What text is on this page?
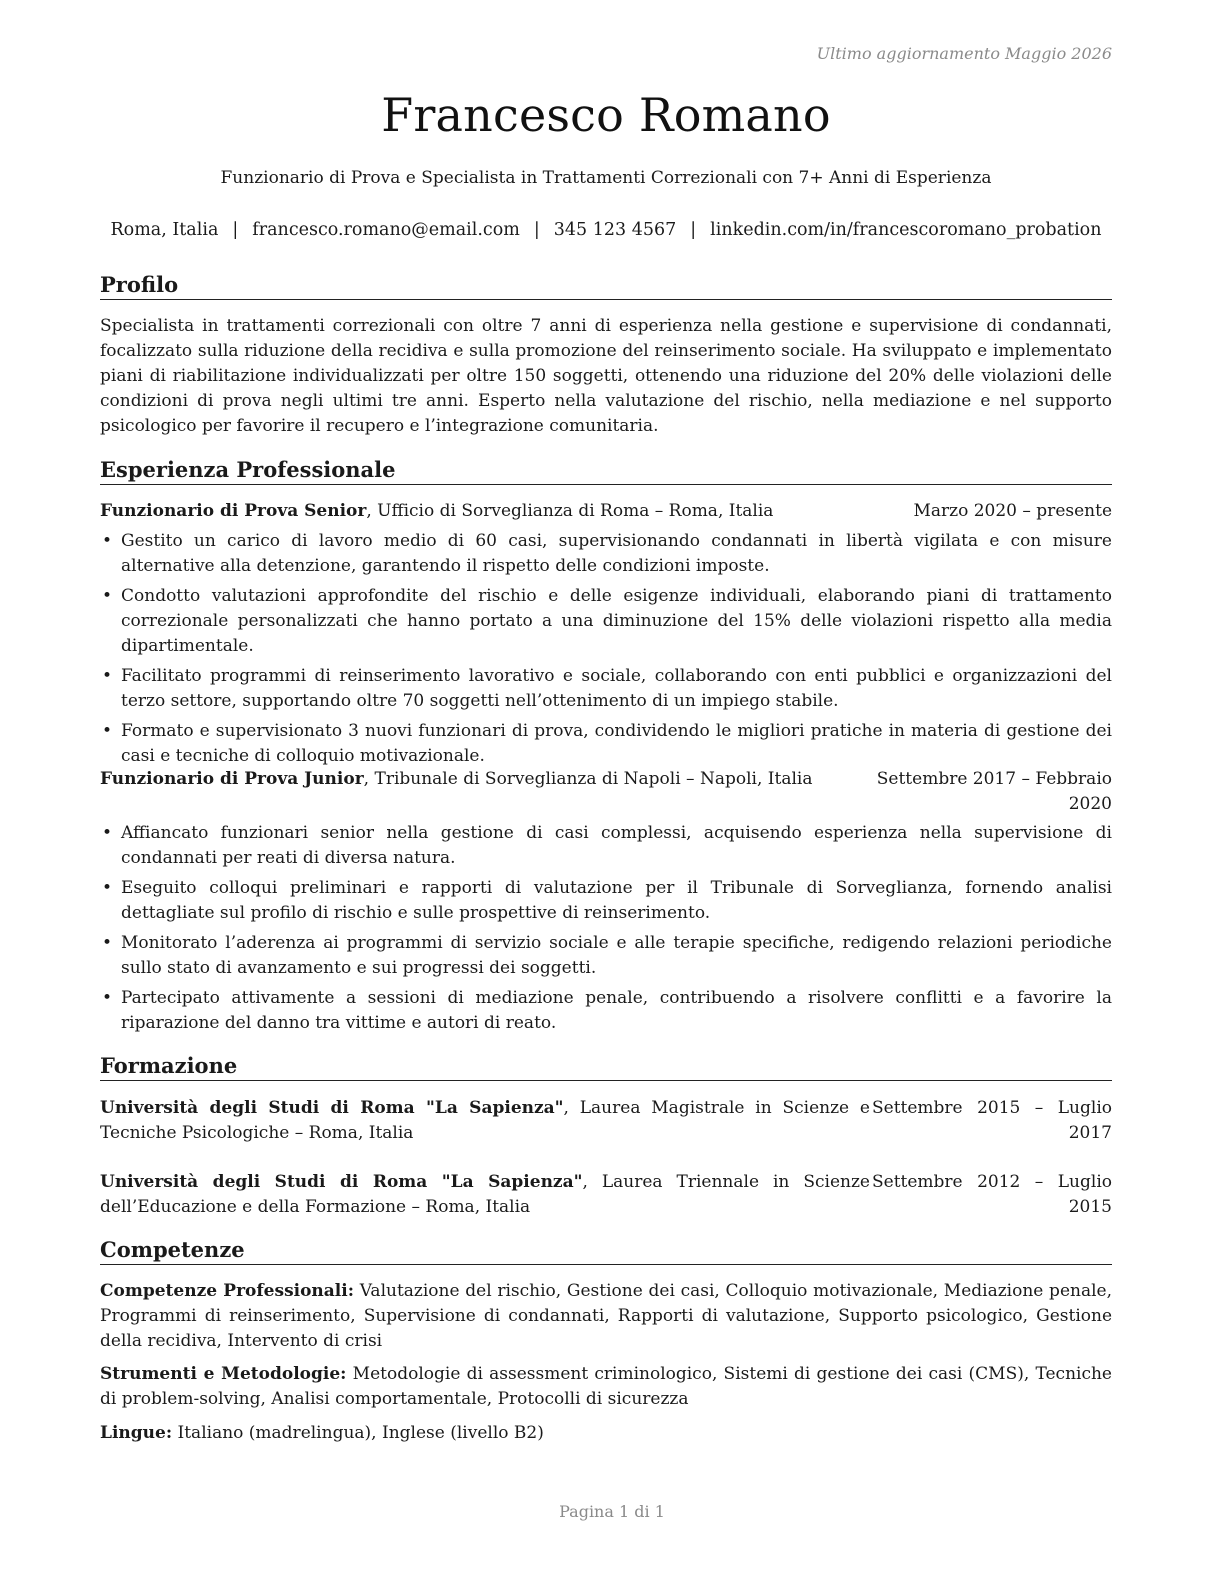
Ultimo aggiornamento Maggio 2026
Francesco Romano
Funzionario di Prova e Specialista in Trattamenti Correzionali con 7+ Anni di Esperienza
Roma, Italia | francesco.romano@email.com | 345 123 4567 | linkedin.com/in/francescoromano_probation
Profilo
Specialista in trattamenti correzionali con oltre 7 anni di esperienza nella gestione e supervisione di condannati, focalizzato sulla riduzione della recidiva e sulla promozione del reinserimento sociale. Ha sviluppato e implementato piani di riabilitazione individualizzati per oltre 150 soggetti, ottenendo una riduzione del 20% delle violazioni delle condizioni di prova negli ultimi tre anni. Esperto nella valutazione del rischio, nella mediazione e nel supporto psicologico per favorire il recupero e l’integrazione comunitaria.
Esperienza Professionale
Funzionario di Prova Senior, Ufficio di Sorveglianza di Roma – Roma, Italia	Marzo 2020 – presente
• Gestito un carico di lavoro medio di 60 casi, supervisionando condannati in libertà vigilata e con misure alternative alla detenzione, garantendo il rispetto delle condizioni imposte.
• Condotto valutazioni approfondite del rischio e delle esigenze individuali, elaborando piani di trattamento correzionale personalizzati che hanno portato a una diminuzione del 15% delle violazioni rispetto alla media dipartimentale.
• Facilitato programmi di reinserimento lavorativo e sociale, collaborando con enti pubblici e organizzazioni del terzo settore, supportando oltre 70 soggetti nell’ottenimento di un impiego stabile.
• Formato e supervisionato 3 nuovi funzionari di prova, condividendo le migliori pratiche in materia di gestione dei casi e tecniche di colloquio motivazionale.
Funzionario di Prova Junior, Tribunale di Sorveglianza di Napoli – Napoli, Italia	Settembre 2017 – Febbraio 2020
• Affiancato funzionari senior nella gestione di casi complessi, acquisendo esperienza nella supervisione di condannati per reati di diversa natura.
• Eseguito colloqui preliminari e rapporti di valutazione per il Tribunale di Sorveglianza, fornendo analisi dettagliate sul profilo di rischio e sulle prospettive di reinserimento.
• Monitorato l’aderenza ai programmi di servizio sociale e alle terapie specifiche, redigendo relazioni periodiche sullo stato di avanzamento e sui progressi dei soggetti.
• Partecipato attivamente a sessioni di mediazione penale, contribuendo a risolvere conflitti e a favorire la riparazione del danno tra vittime e autori di reato.
Formazione
Università degli Studi di Roma "La Sapienza", Laurea Magistrale in Scienze e Tecniche Psicologiche – Roma, Italia
Settembre 2015 – Luglio 2017
Università degli Studi di Roma "La Sapienza", Laurea Triennale in Scienze dell’Educazione e della Formazione – Roma, Italia
Settembre 2012 – Luglio 2015
Competenze
Competenze Professionali: Valutazione del rischio, Gestione dei casi, Colloquio motivazionale, Mediazione penale, Programmi di reinserimento, Supervisione di condannati, Rapporti di valutazione, Supporto psicologico, Gestione della recidiva, Intervento di crisi
Strumenti e Metodologie: Metodologie di assessment criminologico, Sistemi di gestione dei casi (CMS), Tecniche di problem-solving, Analisi comportamentale, Protocolli di sicurezza
Lingue: Italiano (madrelingua), Inglese (livello B2)
Pagina 1 di 1
